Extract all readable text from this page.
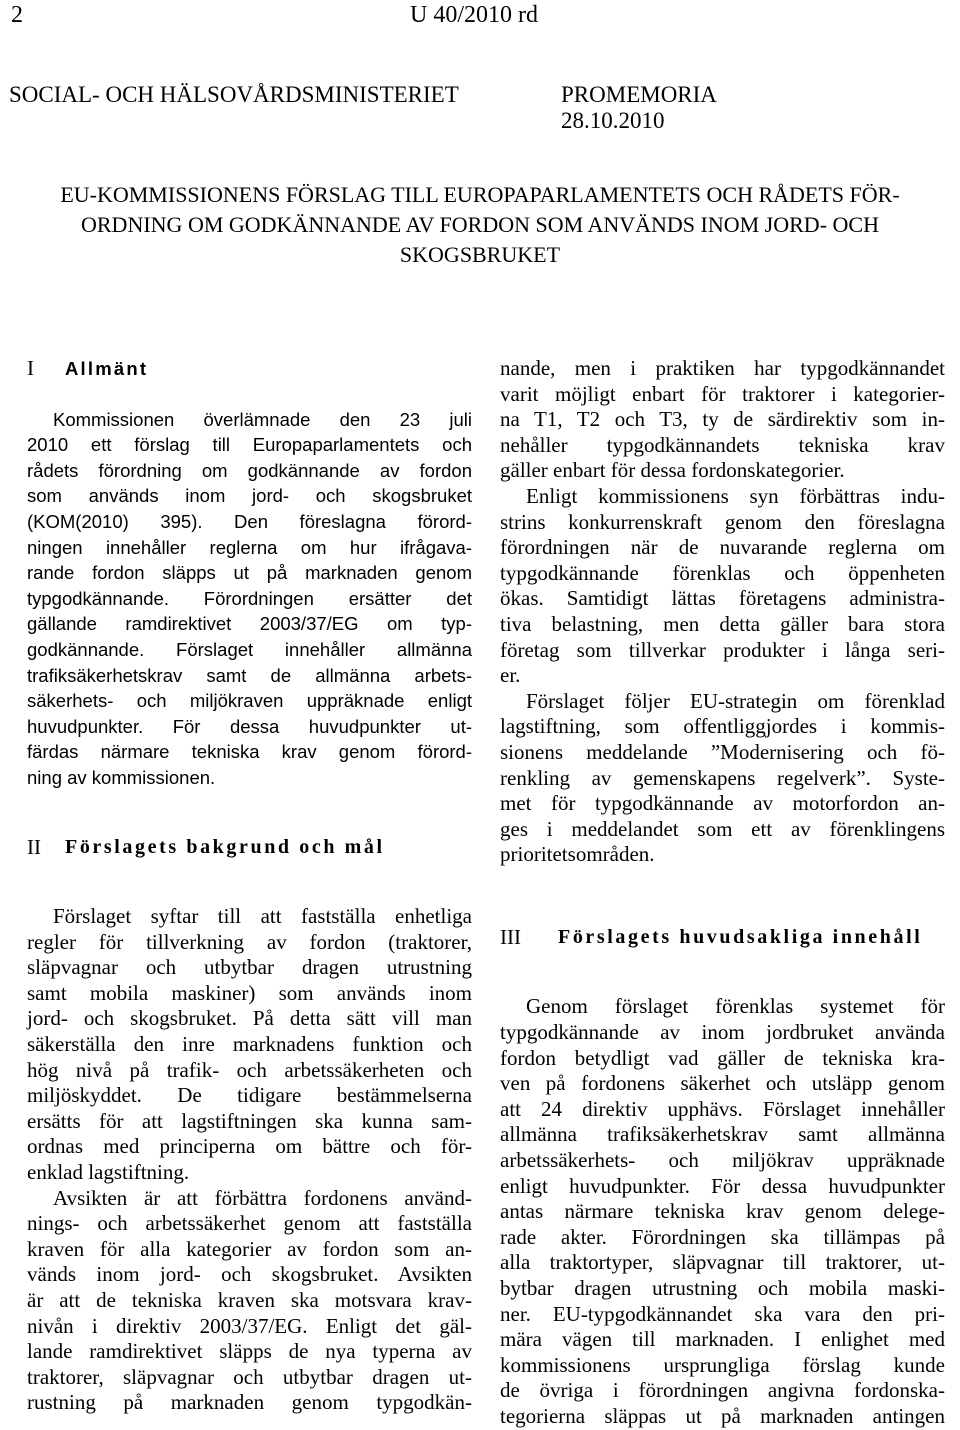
2	U 40/2010 rd
SOCIAL- OCH HÄLSOVÅRDSMINISTERIET	PROMEMORIA
28.10.2010
EU-KOMMISSIONENS FÖRSLAG TILL EUROPAPARLAMENTETS OCH RÅDETS FÖR-
ORDNING OM GODKÄNNANDE AV FORDON SOM ANVÄNDS INOM JORD- OCH
SKOGSBRUKET
I Allmänt
Kommissionen överlämnade den 23 juli
2010 ett förslag till Europaparlamentets och
rådets förordning om godkännande av fordon
som används inom jord- och skogsbruket
(KOM(2010) 395). Den föreslagna förord-
ningen innehåller reglerna om hur ifrågava-
rande fordon släpps ut på marknaden genom
typgodkännande. Förordningen ersätter det
gällande ramdirektivet 2003/37/EG om typ-
godkännande. Förslaget innehåller allmänna
trafiksäkerhetskrav samt de allmänna arbets-
säkerhets- och miljökraven uppräknade enligt
huvudpunkter. För dessa huvudpunkter ut-
färdas närmare tekniska krav genom förord-
ning av kommissionen.
II Förslagets bakgrund och mål
Förslaget syftar till att fastställa enhetliga
regler för tillverkning av fordon (traktorer,
släpvagnar och utbytbar dragen utrustning
samt mobila maskiner) som används inom
jord- och skogsbruket. På detta sätt vill man
säkerställa den inre marknadens funktion och
hög nivå på trafik- och arbetssäkerheten och
miljöskyddet. De tidigare bestämmelserna
ersätts för att lagstiftningen ska kunna sam-
ordnas med principerna om bättre och för-
enklad lagstiftning.
Avsikten är att förbättra fordonens använd-
nings- och arbetssäkerhet genom att fastställa
kraven för alla kategorier av fordon som an-
vänds inom jord- och skogsbruket. Avsikten
är att de tekniska kraven ska motsvara krav-
nivån i direktiv 2003/37/EG. Enligt det gäl-
lande ramdirektivet släpps de nya typerna av
traktorer, släpvagnar och utbytbar dragen ut-
rustning på marknaden genom typgodkän-
nande, men i praktiken har typgodkännandet
varit möjligt enbart för traktorer i kategorier-
na T1, T2 och T3, ty de särdirektiv som in-
nehåller typgodkännandets tekniska krav
gäller enbart för dessa fordonskategorier.
Enligt kommissionens syn förbättras indu-
strins konkurrenskraft genom den föreslagna
förordningen när de nuvarande reglerna om
typgodkännande förenklas och öppenheten
ökas. Samtidigt lättas företagens administra-
tiva belastning, men detta gäller bara stora
företag som tillverkar produkter i långa seri-
er.
Förslaget följer EU-strategin om förenklad
lagstiftning, som offentliggjordes i kommis-
sionens meddelande ”Modernisering och fö-
renkling av gemenskapens regelverk”. Syste-
met för typgodkännande av motorfordon an-
ges i meddelandet som ett av förenklingens
prioritetsområden.
III Förslagets huvudsakliga innehåll
Genom förslaget förenklas systemet för
typgodkännande av inom jordbruket använda
fordon betydligt vad gäller de tekniska kra-
ven på fordonens säkerhet och utsläpp genom
att 24 direktiv upphävs. Förslaget innehåller
allmänna trafiksäkerhetskrav samt allmänna
arbetssäkerhets- och miljökrav uppräknade
enligt huvudpunkter. För dessa huvudpunkter
antas närmare tekniska krav genom delege-
rade akter. Förordningen ska tillämpas på
alla traktortyper, släpvagnar till traktorer, ut-
bytbar dragen utrustning och mobila maski-
ner. EU-typgodkännandet ska vara den pri-
mära vägen till marknaden. I enlighet med
kommissionens ursprungliga förslag kunde
de övriga i förordningen angivna fordonska-
tegorierna släppas ut på marknaden antingen
